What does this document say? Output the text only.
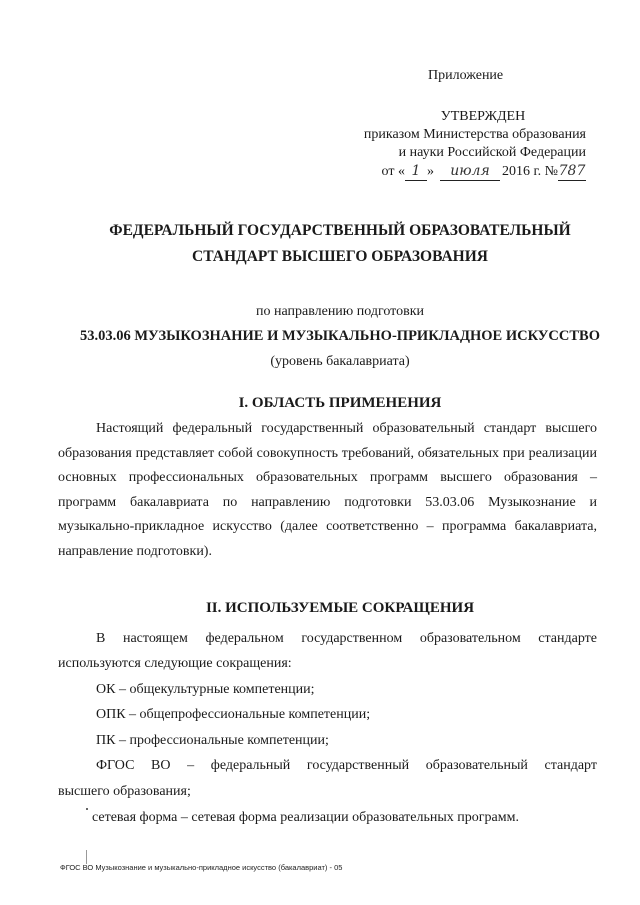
Приложение
УТВЕРЖДЕН
приказом Министерства образования
и науки Российской Федерации
от « 1 » июля 2016 г. №787
ФЕДЕРАЛЬНЫЙ ГОСУДАРСТВЕННЫЙ ОБРАЗОВАТЕЛЬНЫЙ
СТАНДАРТ ВЫСШЕГО ОБРАЗОВАНИЯ
по направлению подготовки
53.03.06 МУЗЫКОЗНАНИЕ И МУЗЫКАЛЬНО-ПРИКЛАДНОЕ ИСКУССТВО
(уровень бакалавриата)
I. ОБЛАСТЬ ПРИМЕНЕНИЯ
Настоящий федеральный государственный образовательный стандарт высшего образования представляет собой совокупность требований, обязательных при реализации основных профессиональных образовательных программ высшего образования – программ бакалавриата по направлению подготовки 53.03.06 Музыкознание и музыкально-прикладное искусство (далее соответственно – программа бакалавриата, направление подготовки).
II. ИСПОЛЬЗУЕМЫЕ СОКРАЩЕНИЯ
В настоящем федеральном государственном образовательном стандарте
используются следующие сокращения:
ОК – общекультурные компетенции;
ОПК – общепрофессиональные компетенции;
ПК – профессиональные компетенции;
ФГОС ВО – федеральный государственный образовательный стандарт
высшего образования;
сетевая форма – сетевая форма реализации образовательных программ.
ФГОС ВО Музыкознание и музыкально-прикладное искусство (бакалавриат) - 05
